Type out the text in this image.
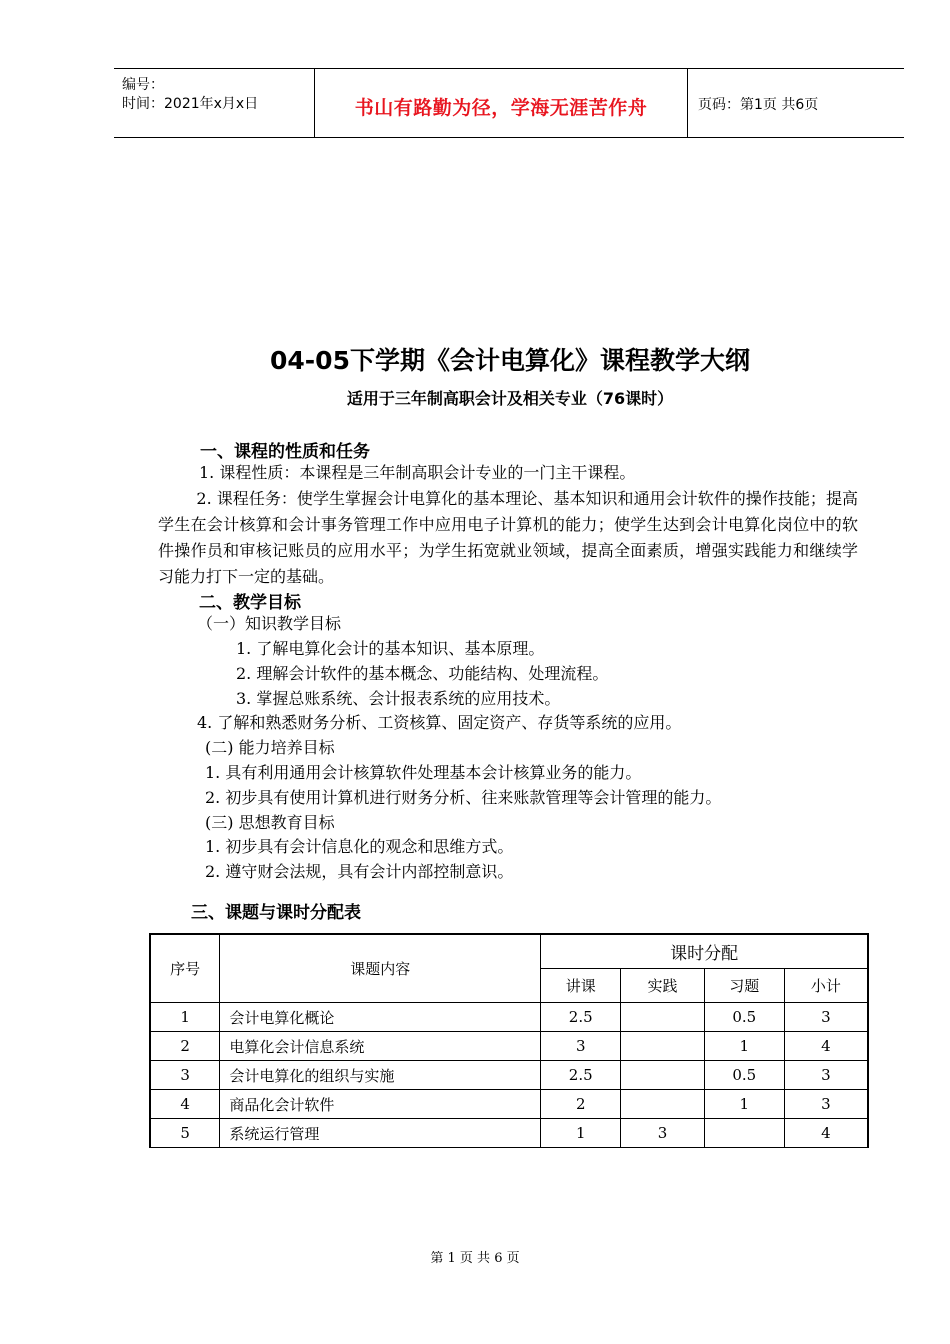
编号：
时间：2021年x月x日	书山有路勤为径，学海无涯苦作舟	页码：第1页 共6页
04-05下学期《会计电算化》课程教学大纲
适用于三年制高职会计及相关专业（76课时）
一、课程的性质和任务
1. 课程性质：本课程是三年制高职会计专业的一门主干课程。
2. 课程任务：使学生掌握会计电算化的基本理论、基本知识和通用会计软件的操作技能；提高学生在会计核算和会计事务管理工作中应用电子计算机的能力；使学生达到会计电算化岗位中的软件操作员和审核记账员的应用水平；为学生拓宽就业领域，提高全面素质，增强实践能力和继续学习能力打下一定的基础。
二、教学目标
（一）知识教学目标
1. 了解电算化会计的基本知识、基本原理。
2. 理解会计软件的基本概念、功能结构、处理流程。
3. 掌握总账系统、会计报表系统的应用技术。
4. 了解和熟悉财务分析、工资核算、固定资产、存货等系统的应用。
(二) 能力培养目标
1. 具有利用通用会计核算软件处理基本会计核算业务的能力。
2. 初步具有使用计算机进行财务分析、往来账款管理等会计管理的能力。
(三) 思想教育目标
1. 初步具有会计信息化的观念和思维方式。
2. 遵守财会法规，具有会计内部控制意识。
三、课题与课时分配表
序号	课题内容	课时分配			
		讲课	实践	习题	小计
1	会计电算化概论	2.5		0.5	3
2	电算化会计信息系统	3		1	4
3	会计电算化的组织与实施	2.5		0.5	3
4	商品化会计软件	2		1	3
5	系统运行管理	1	3		4
第 1 页 共 6 页
